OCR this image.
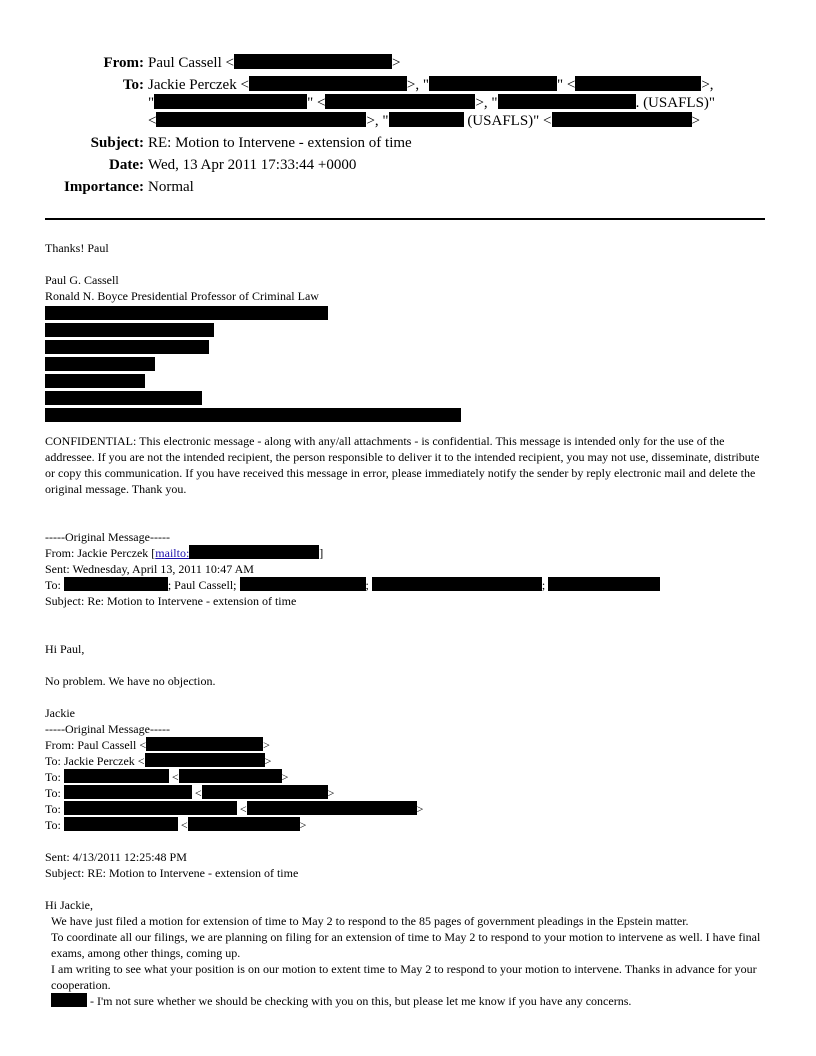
From: Paul Cassell <	>
To: Jackie Perczek <	>, "	" <	>,
"	" <	>, "	. (USAFLS)"
<	>, "	(USAFLS)" <	>
Subject: RE: Motion to Intervene - extension of time
Date: Wed, 13 Apr 2011 17:33:44 +0000
Importance: Normal

Thanks! Paul

Paul G. Cassell

Ronald N. Boyce Presidential Professor of Criminal Law

CONFIDENTIAL: This electronic message - along with any/all attachments - is confidential. This message is intended only for the use of the addressee. If you are not the intended recipient, the person responsible to deliver it to the intended recipient, you may not use, disseminate, distribute or copy this communication. If you have received this message in error, please immediately notify the sender by reply electronic mail and delete the original message. Thank you.

-----Original Message-----

From: Jackie Perczek [mailto:	]

Sent: Wednesday, April 13, 2011 10:47 AM

To:	; Paul Cassell;	;	;

Subject: Re: Motion to Intervene - extension of time

Hi Paul,

No problem. We have no objection.

Jackie

-----Original Message-----

From: Paul Cassell <	>

To: Jackie Perczek <	>

To:	<	>

To:	<	>

To:	<	>

To:	<	>

Sent: 4/13/2011 12:25:48 PM

Subject: RE: Motion to Intervene - extension of time

Hi Jackie,

We have just filed a motion for extension of time to May 2 to respond to the 85 pages of government pleadings in the Epstein matter.

To coordinate all our filings, we are planning on filing for an extension of time to May 2 to respond to your motion to intervene as well. I have final exams, among other things, coming up.

I am writing to see what your position is on our motion to extent time to May 2 to respond to your motion to intervene. Thanks in advance for your cooperation.

- I'm not sure whether we should be checking with you on this, but please let me know if you have any concerns.
